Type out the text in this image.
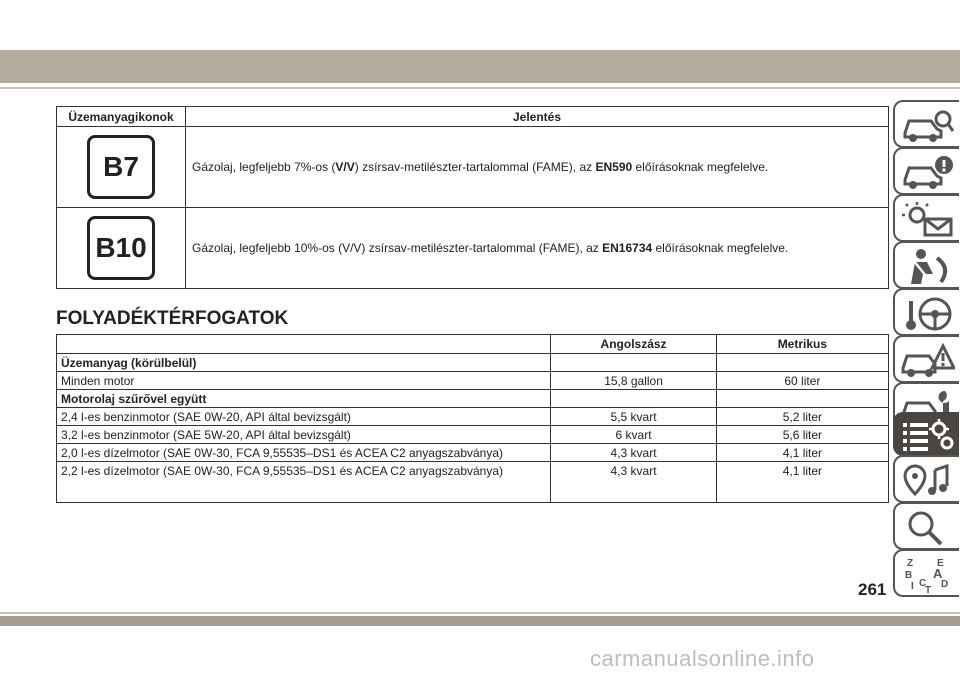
Üzemanyagikonok	Jelentés
B7	Gázolaj, legfeljebb 7%-os (V/V) zsírsav-metilészter-tartalommal (FAME), az EN590 előírásoknak megfelelve.
B10	Gázolaj, legfeljebb 10%-os (V/V) zsírsav-metilészter-tartalommal (FAME), az EN16734 előírásoknak megfelelve.
FOLYADÉKTÉRFOGATOK
	Angolszász	Metrikus
Üzemanyag (körülbelül)		
Minden motor	15,8 gallon	60 liter
Motorolaj szűrővel együtt		
2,4 l-es benzinmotor (SAE 0W-20, API által bevizsgált)	5,5 kvart	5,2 liter
3,2 l-es benzinmotor (SAE 5W-20, API által bevizsgált)	6 kvart	5,6 liter
2,0 l-es dízelmotor (SAE 0W-30, FCA 9,55535–DS1 és ACEA C2 anyagszabványa)	4,3 kvart	4,1 liter
2,2 l-es dízelmotor (SAE 0W-30, FCA 9,55535–DS1 és ACEA C2 anyagszabványa)	4,3 kvart	4,1 liter
Z E
B A
I C
T
D
261
carmanualsonline.info
